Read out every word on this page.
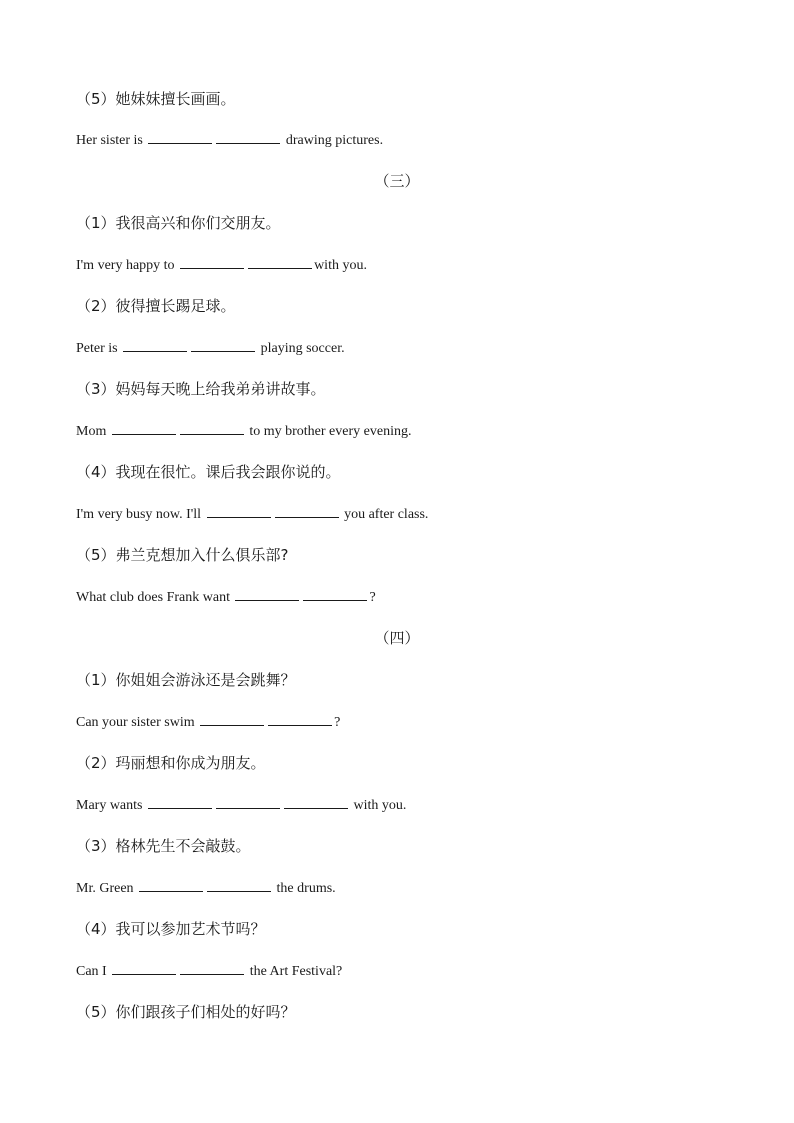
（5）她妹妹擅长画画。
Her sister is	drawing pictures.
（三）
（1）我很高兴和你们交朋友。
I'm very happy to	with you.
（2）彼得擅长踢足球。
Peter is	playing soccer.
（3）妈妈每天晚上给我弟弟讲故事。
Mom	to my brother every evening.
（4）我现在很忙。课后我会跟你说的。
I'm very busy now. I'll	you after class.
（5）弗兰克想加入什么俱乐部?
What club does Frank want	?
（四）
（1）你姐姐会游泳还是会跳舞？
Can your sister swim	?
（2）玛丽想和你成为朋友。
Mary wants	with you.
（3）格林先生不会敲鼓。
Mr. Green	the drums.
（4）我可以参加艺术节吗？
Can I	the Art Festival?
（5）你们跟孩子们相处的好吗？
